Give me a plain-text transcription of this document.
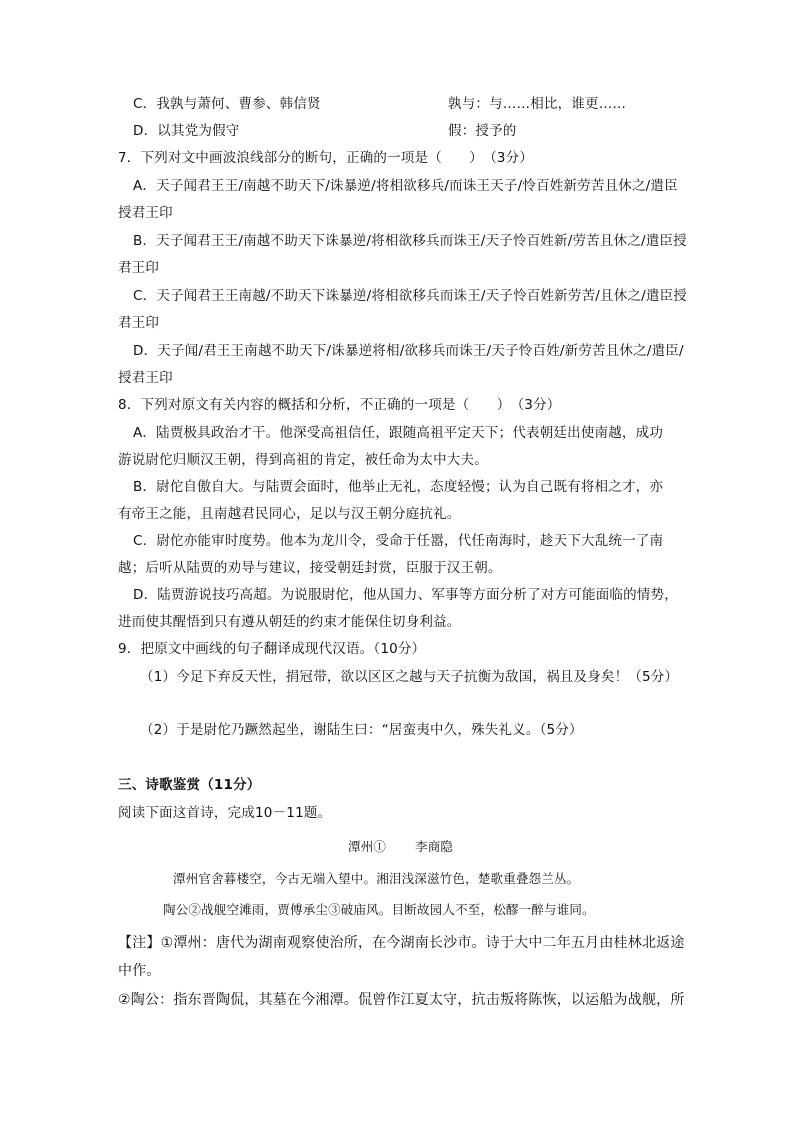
C．我孰与萧何、曹参、韩信贤	孰与：与……相比，谁更……
D．以其党为假守	假：授予的
7．下列对文中画波浪线部分的断句，正确的一项是（　　）　（3分）
A．天子闻君王王/南越不助天下/诛暴逆/将相欲移兵/而诛王天子/怜百姓新劳苦且休之/遣臣
授君王印
B．天子闻君王王/南越不助天下诛暴逆/将相欲移兵而诛王/天子怜百姓新/劳苦且休之/遣臣授
君王印
C．天子闻君王王南越/不助天下诛暴逆/将相欲移兵而诛王/天子怜百姓新劳苦/且休之/遣臣授
君王印
D．天子闻/君王王南越不助天下/诛暴逆将相/欲移兵而诛王/天子怜百姓/新劳苦且休之/遣臣/
授君王印
8．下列对原文有关内容的概括和分析，不正确的一项是（　　）　（3分）
A．陆贾极具政治才干。他深受高祖信任，跟随高祖平定天下；代表朝廷出使南越，成功
游说尉佗归顺汉王朝，得到高祖的肯定，被任命为太中大夫。
B．尉佗自傲自大。与陆贾会面时，他举止无礼，态度轻慢；认为自己既有将相之才，亦
有帝王之能，且南越君民同心，足以与汉王朝分庭抗礼。
C．尉佗亦能审时度势。他本为龙川令，受命于任嚣，代任南海时，趁天下大乱统一了南
越；后听从陆贾的劝导与建议，接受朝廷封赏，臣服于汉王朝。
D．陆贾游说技巧高超。为说服尉佗，他从国力、军事等方面分析了对方可能面临的情势，
进而使其醒悟到只有遵从朝廷的约束才能保住切身利益。
9．把原文中画线的句子翻译成现代汉语。（10分）
（1）今足下弃反天性，捐冠带，欲以区区之越与天子抗衡为敌国，祸且及身矣！（5分）
（2）于是尉佗乃蹶然起坐，谢陆生曰：“居蛮夷中久，殊失礼义。（5分）
三、诗歌鉴赏（11分）
阅读下面这首诗，完成10－11题。
潭州① 李商隐
潭州官舍暮楼空，今古无端入望中。湘泪浅深滋竹色，楚歌重叠怨兰丛。
陶公②战舰空滩雨，贾傅承尘③破庙风。目断故园人不至，松醪一醉与谁同。
【注】①潭州：唐代为湖南观察使治所，在今湖南长沙市。诗于大中二年五月由桂林北返途
中作。
②陶公：指东晋陶侃，其墓在今湘潭。侃曾作江夏太守，抗击叛将陈恢，以运船为战舰，所
